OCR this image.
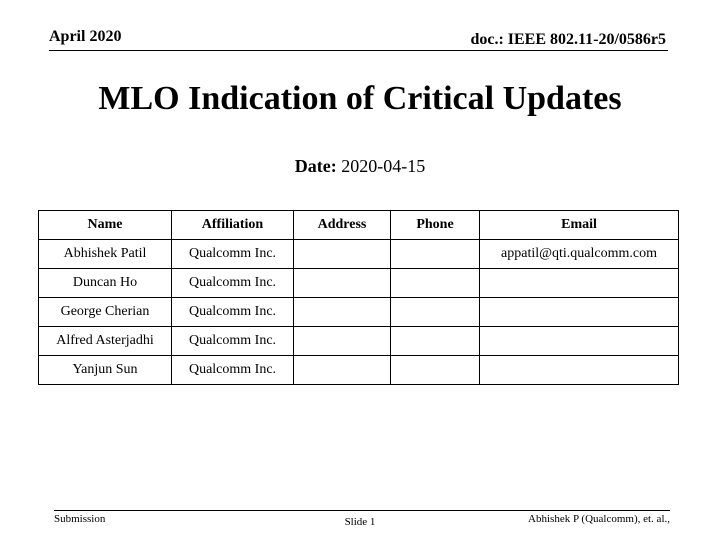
April 2020	doc.: IEEE 802.11-20/0586r5
MLO Indication of Critical Updates
Date: 2020-04-15
Name	Affiliation	Address	Phone	Email
Abhishek Patil	Qualcomm Inc.			appatil@qti.qualcomm.com
Duncan Ho	Qualcomm Inc.			
George Cherian	Qualcomm Inc.			
Alfred Asterjadhi	Qualcomm Inc.			
Yanjun Sun	Qualcomm Inc.			
Submission	Slide 1	Abhishek P (Qualcomm), et. al.,
